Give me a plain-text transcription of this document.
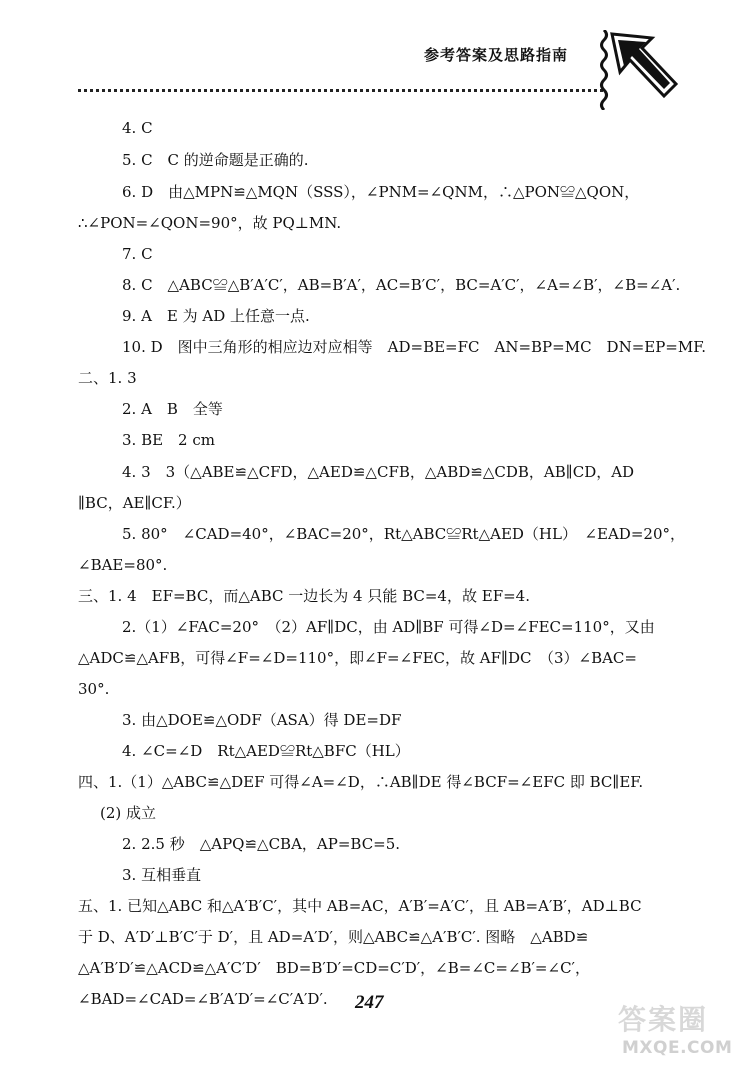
参考答案及思路指南
4. C
5. C　C 的逆命题是正确的.
6. D　由△MPN≌△MQN（SSS），∠PNM=∠QNM，∴△PON≌△QON，
∴∠PON=∠QON=90°，故 PQ⊥MN.
7. C
8. C　△ABC≌△B′A′C′，AB=B′A′，AC=B′C′，BC=A′C′，∠A=∠B′，∠B=∠A′.
9. A　E 为 AD 上任意一点.
10. D　图中三角形的相应边对应相等　AD=BE=FC　AN=BP=MC　DN=EP=MF.
二、1. 3
2. A　B　全等
3. BE　2 cm
4. 3　3（△ABE≌△CFD，△AED≌△CFB，△ABD≌△CDB，AB∥CD，AD
∥BC，AE∥CF.）
5. 80°　∠CAD=40°，∠BAC=20°，Rt△ABC≌Rt△AED（HL）　∠EAD=20°，
∠BAE=80°.
三、1. 4　EF=BC，而△ABC 一边长为 4 只能 BC=4，故 EF=4.
2.（1）∠FAC=20°　（2）AF∥DC，由 AD∥BF 可得∠D=∠FEC=110°，又由
△ADC≌△AFB，可得∠F=∠D=110°，即∠F=∠FEC，故 AF∥DC　（3）∠BAC=
30°.
3. 由△DOE≌△ODF（ASA）得 DE=DF
4. ∠C=∠D　Rt△AED≌Rt△BFC（HL）
四、1.（1）△ABC≌△DEF 可得∠A=∠D，∴AB∥DE 得∠BCF=∠EFC 即 BC∥EF.
(2) 成立
2. 2.5 秒　△APQ≌△CBA，AP=BC=5.
3. 互相垂直
五、1. 已知△ABC 和△A′B′C′，其中 AB=AC，A′B′=A′C′，且 AB=A′B′，AD⊥BC
于 D、A′D′⊥B′C′于 D′，且 AD=A′D′，则△ABC≌△A′B′C′. 图略　△ABD≌
△A′B′D′≌△ACD≌△A′C′D′　BD=B′D′=CD=C′D′，∠B=∠C=∠B′=∠C′，
∠BAD=∠CAD=∠B′A′D′=∠C′A′D′. 247
答案圈
MXQE.COM
